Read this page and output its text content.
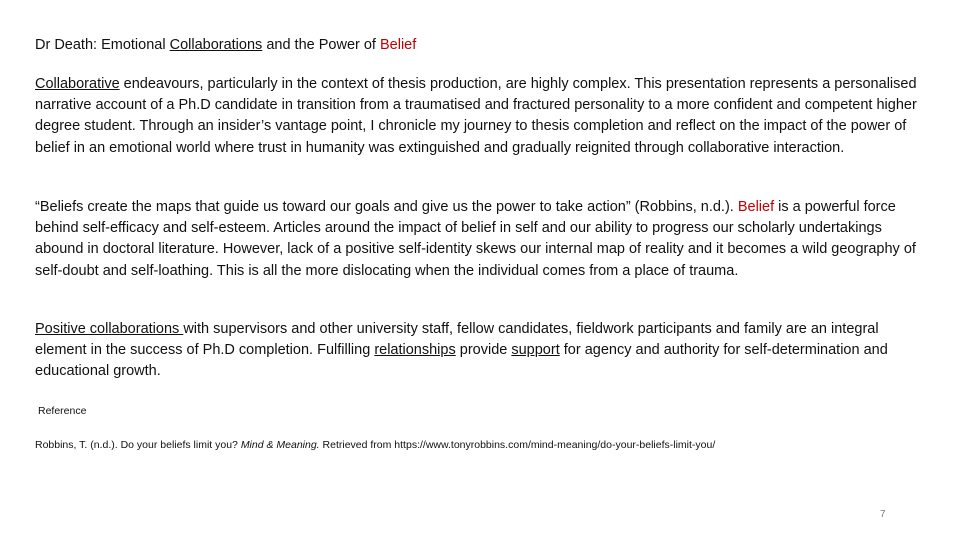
Dr Death: Emotional Collaborations and the Power of Belief
Collaborative endeavours, particularly in the context of thesis production, are highly complex. This presentation represents a personalised narrative account of a Ph.D candidate in transition from a traumatised and fractured personality to a more confident and competent higher degree student. Through an insider’s vantage point, I chronicle my journey to thesis completion and reflect on the impact of the power of belief in an emotional world where trust in humanity was extinguished and gradually reignited through collaborative interaction.
“Beliefs create the maps that guide us toward our goals and give us the power to take action” (Robbins, n.d.). Belief is a powerful force behind self-efficacy and self-esteem. Articles around the impact of belief in self and our ability to progress our scholarly undertakings abound in doctoral literature. However, lack of a positive self-identity skews our internal map of reality and it becomes a wild geography of self-doubt and self-loathing. This is all the more dislocating when the individual comes from a place of trauma.
Positive collaborations with supervisors and other university staff, fellow candidates, fieldwork participants and family are an integral element in the success of Ph.D completion. Fulfilling relationships provide support for agency and authority for self-determination and educational growth.
Reference
Robbins, T. (n.d.). Do your beliefs limit you? Mind & Meaning. Retrieved from https://www.tonyrobbins.com/mind-meaning/do-your-beliefs-limit-you/
7
